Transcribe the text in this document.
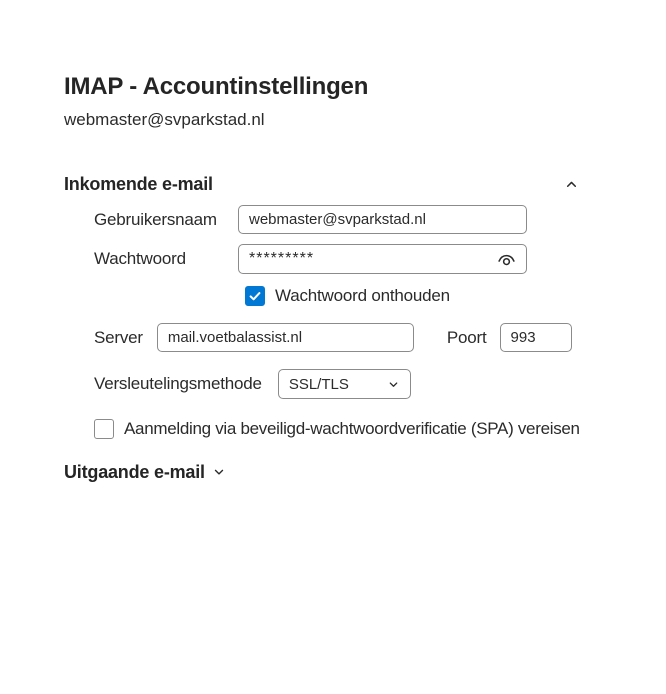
IMAP - Accountinstellingen
webmaster@svparkstad.nl
Inkomende e-mail
Gebruikersnaam
webmaster@svparkstad.nl
Wachtwoord
*********
Wachtwoord onthouden
Server
mail.voetbalassist.nl	Poort
993
Versleutelingsmethode SSL/TLS
Aanmelding via beveiligd-wachtwoordverificatie (SPA) vereisen
Uitgaande e-mail
